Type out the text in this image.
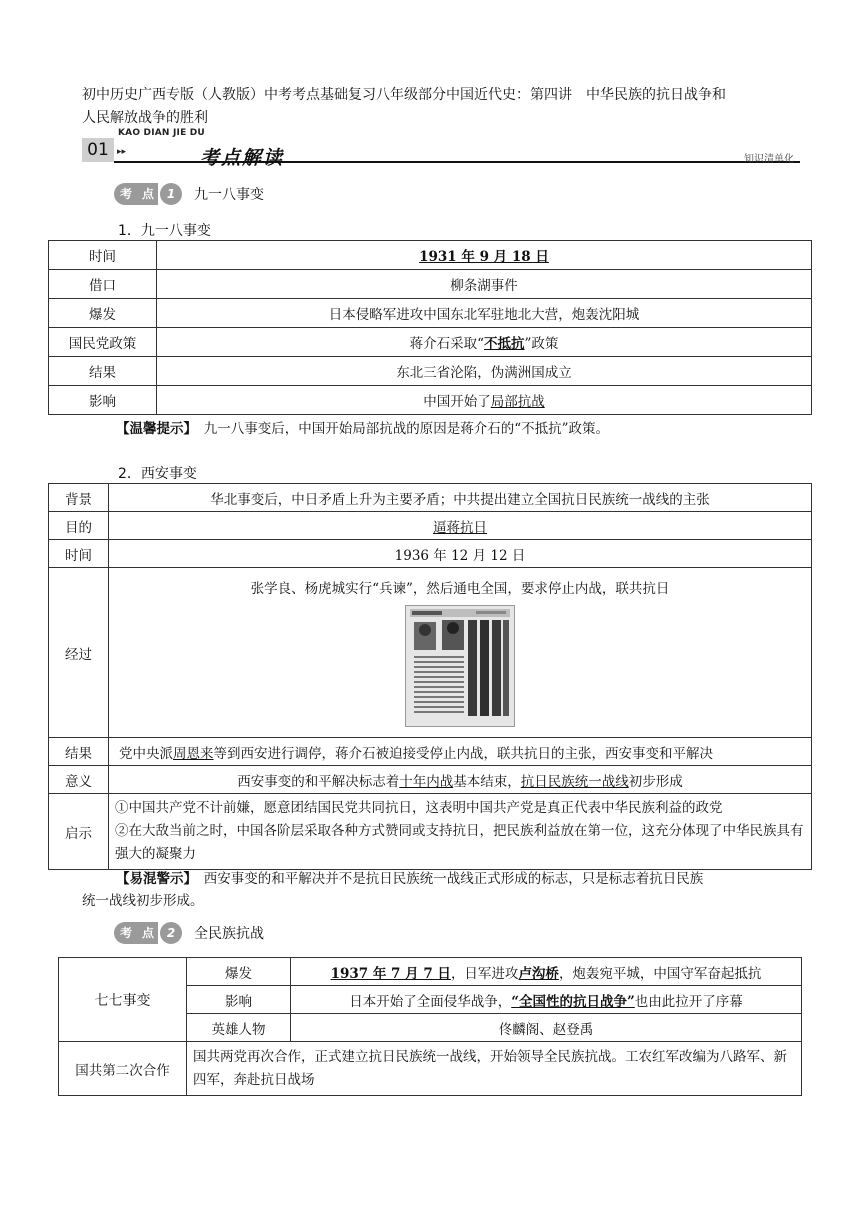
初中历史广西专版（人教版）中考考点基础复习八年级部分中国近代史：第四讲　中华民族的抗日战争和
人民解放战争的胜利
KAO DIAN JIE DU
01 ▸▸	考点解读	知识清单化
考 点	1	九一八事变
1．九一八事变
时间	1931 年 9 月 18 日
借口	柳条湖事件
爆发	日本侵略军进攻中国东北军驻地北大营，炮轰沈阳城
国民党政策	蒋介石采取“不抵抗”政策
结果	东北三省沦陷，伪满洲国成立
影响	中国开始了局部抗战
【温馨提示】　九一八事变后，中国开始局部抗战的原因是蒋介石的“不抵抗”政策。
2．西安事变
背景	华北事变后，中日矛盾上升为主要矛盾；中共提出建立全国抗日民族统一战线的主张
目的	逼蒋抗日
时间	1936 年 12 月 12 日
经过	张学良、杨虎城实行“兵谏”，然后通电全国，要求停止内战，联共抗日

结果	党中央派周恩来等到西安进行调停，蒋介石被迫接受停止内战，联共抗日的主张，西安事变和平解决
意义	西安事变的和平解决标志着十年内战基本结束，抗日民族统一战线初步形成
启示	①中国共产党不计前嫌，愿意团结国民党共同抗日，这表明中国共产党是真正代表中华民族利益的政党
②在大敌当前之时，中国各阶层采取各种方式赞同或支持抗日，把民族利益放在第一位，这充分体现了中华民族具有强大的凝聚力
【易混警示】　西安事变的和平解决并不是抗日民族统一战线正式形成的标志，只是标志着抗日民族
统一战线初步形成。
考 点	2	全民族抗战
七七事变	爆发	1937 年 7 月 7 日，日军进攻卢沟桥，炮轰宛平城，中国守军奋起抵抗
	影响	日本开始了全面侵华战争，“全国性的抗日战争”也由此拉开了序幕
	英雄人物	佟麟阁、赵登禹
国共第二次合作	国共两党再次合作，正式建立抗日民族统一战线，开始领导全民族抗战。工农红军改编为八路军、新四军，奔赴抗日战场	
